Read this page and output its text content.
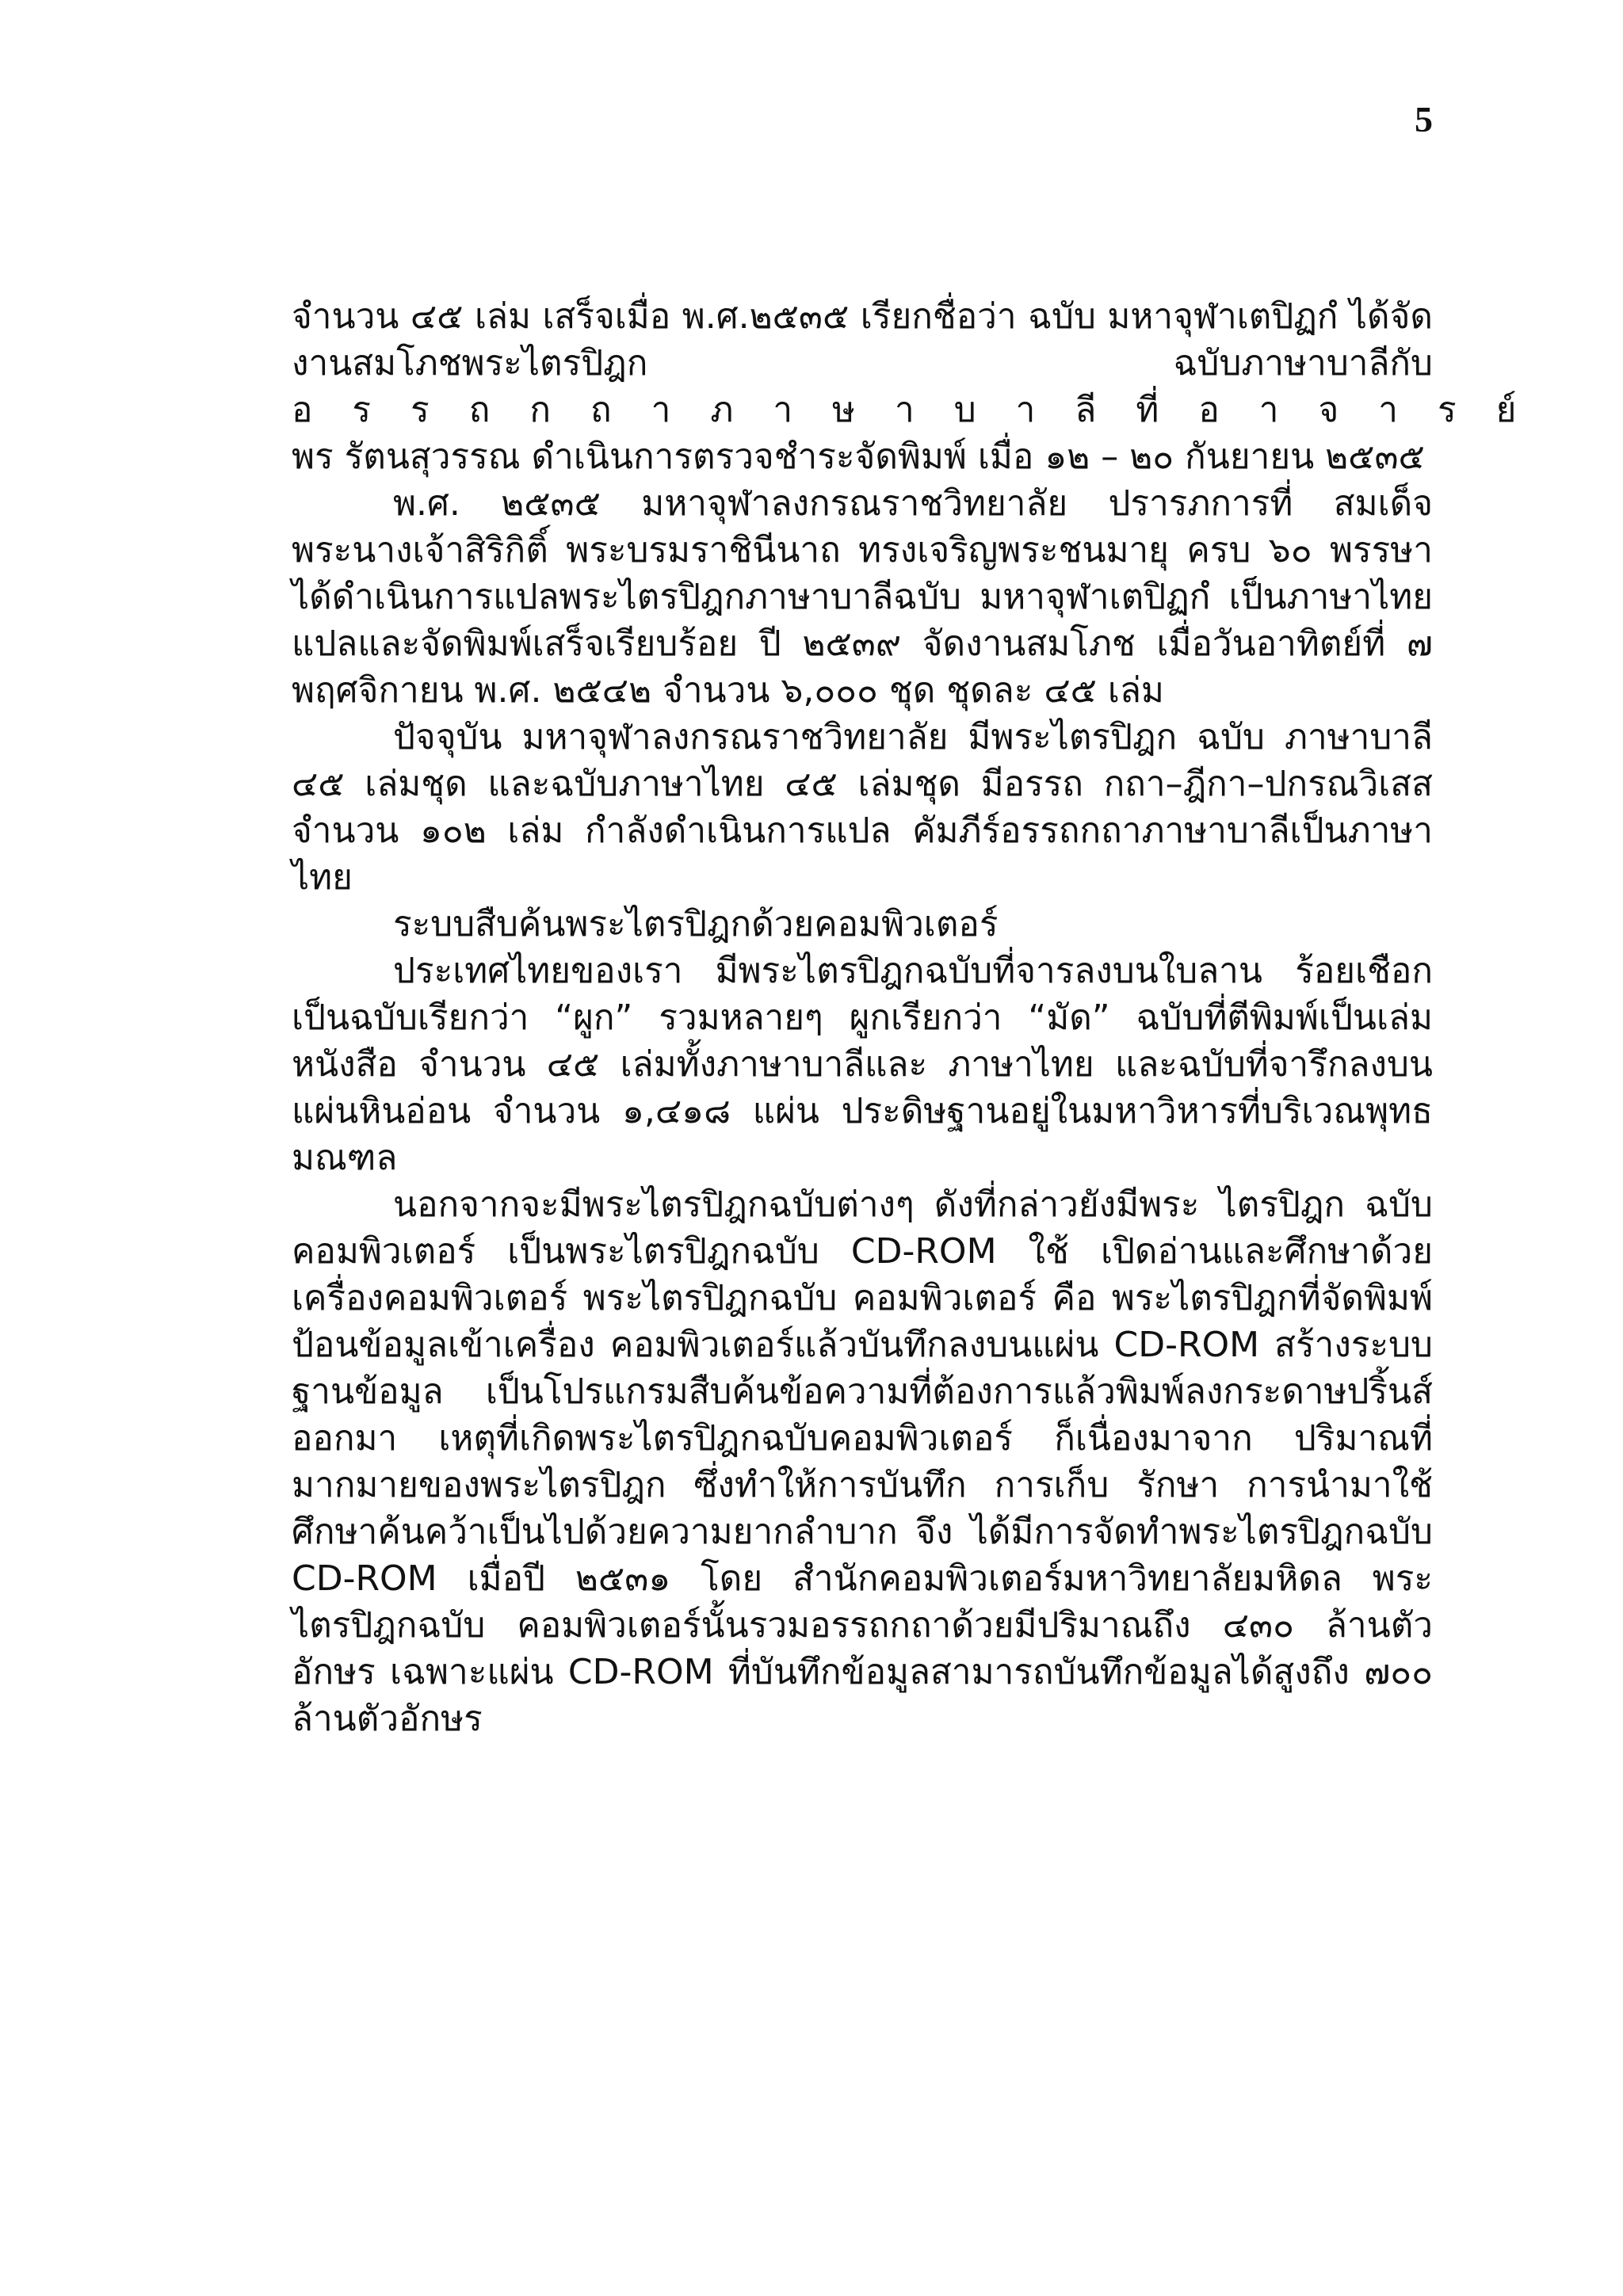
5

จำนวน ๔๕ เล่ม เสร็จเมื่อ พ.ศ.๒๕๓๕ เรียกชื่อว่า ฉบับ มหาจุฬาเตปิฏกํ ได้จัดงานสมโภชพระไตรปิฎก ฉบับภาษาบาลีกับ อรรถกถาภาษาบาลีที่อาจารย์ พร รัตนสุวรรณ ดำเนินการตรวจชำระจัดพิมพ์ เมื่อ ๑๒ – ๒๐ กันยายน ๒๕๓๕

พ.ศ. ๒๕๓๕ มหาจุฬาลงกรณราชวิทยาลัย ปรารภการที่ สมเด็จพระนางเจ้าสิริกิติ์ พระบรมราชินีนาถ ทรงเจริญพระชนมายุ ครบ ๖๐ พรรษา ได้ดำเนินการแปลพระไตรปิฎกภาษาบาลีฉบับ มหาจุฬาเตปิฏกํ เป็นภาษาไทย แปลและจัดพิมพ์เสร็จเรียบร้อย ปี ๒๕๓๙ จัดงานสมโภช เมื่อวันอาทิตย์ที่ ๗ พฤศจิกายน พ.ศ. ๒๕๔๒ จำนวน ๖,๐๐๐ ชุด ชุดละ ๔๕ เล่ม

ปัจจุบัน มหาจุฬาลงกรณราชวิทยาลัย มีพระไตรปิฎก ฉบับ ภาษาบาลี ๔๕ เล่มชุด และฉบับภาษาไทย ๔๕ เล่มชุด มีอรรถ กถา–ฎีกา–ปกรณวิเสส จำนวน ๑๐๒ เล่ม กำลังดำเนินการแปล คัมภีร์อรรถกถาภาษาบาลีเป็นภาษาไทย

ระบบสืบค้นพระไตรปิฎกด้วยคอมพิวเตอร์

ประเทศไทยของเรา มีพระไตรปิฎกฉบับที่จารลงบนใบลาน ร้อยเชือกเป็นฉบับเรียกว่า “ผูก” รวมหลายๆ ผูกเรียกว่า “มัด” ฉบับที่ตีพิมพ์เป็นเล่มหนังสือ จำนวน ๔๕ เล่มทั้งภาษาบาลีและ ภาษาไทย และฉบับที่จารึกลงบนแผ่นหินอ่อน จำนวน ๑,๔๑๘ แผ่น ประดิษฐานอยู่ในมหาวิหารที่บริเวณพุทธมณฑล

นอกจากจะมีพระไตรปิฎกฉบับต่างๆ ดังที่กล่าวยังมีพระ ไตรปิฎก ฉบับคอมพิวเตอร์ เป็นพระไตรปิฎกฉบับ CD-ROM ใช้ เปิดอ่านและศึกษาด้วยเครื่องคอมพิวเตอร์ พระไตรปิฎกฉบับ คอมพิวเตอร์ คือ พระไตรปิฎกที่จัดพิมพ์ป้อนข้อมูลเข้าเครื่อง คอมพิวเตอร์แล้วบันทึกลงบนแผ่น CD-ROM สร้างระบบฐานข้อมูล เป็นโปรแกรมสืบค้นข้อความที่ต้องการแล้วพิมพ์ลงกระดาษปริ้นส์ ออกมา เหตุที่เกิดพระไตรปิฎกฉบับคอมพิวเตอร์ ก็เนื่องมาจาก ปริมาณที่มากมายของพระไตรปิฎก ซึ่งทำให้การบันทึก การเก็บ รักษา การนำมาใช้ศึกษาค้นคว้าเป็นไปด้วยความยากลำบาก จึง ได้มีการจัดทำพระไตรปิฎกฉบับ CD-ROM เมื่อปี ๒๕๓๑ โดย สำนักคอมพิวเตอร์มหาวิทยาลัยมหิดล พระไตรปิฎกฉบับ คอมพิวเตอร์นั้นรวมอรรถกถาด้วยมีปริมาณถึง ๔๓๐ ล้านตัวอักษร เฉพาะแผ่น CD-ROM ที่บันทึกข้อมูลสามารถบันทึกข้อมูลได้สูงถึง ๗๐๐ ล้านตัวอักษร
